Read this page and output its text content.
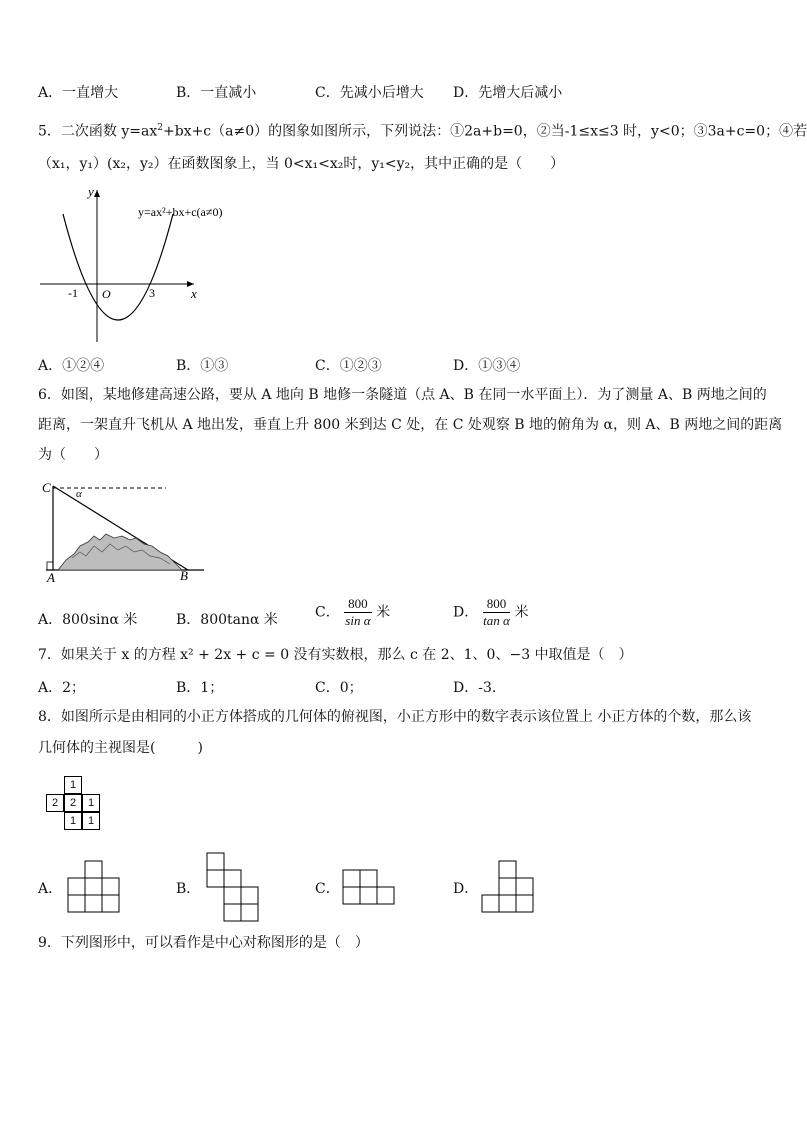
A．一直增大	B．一直减小	C．先减小后增大 D．先增大后减小
5．二次函数 $y=ax^2+bx+c(a\ne 0)$的图象如图所示，下列说法：①2a+b=0，②当-1≤x≤3 时，y<0；③3a+c=0；④若
（x₁，y₁）(x₂，y₂）在函数图象上，当 0<x₁<x₂时，y₁<y₂，其中正确的是（　　）
y
x
-1 O	3
y=ax²+bx+c(a≠0)
A．①②④	B．①③	C．①②③	D．①③④
6．如图，某地修建高速公路，要从 A 地向 B 地修一条隧道（点 A、B 在同一水平面上）．为了测量 A、B 两地之间的
距离，一架直升飞机从 A 地出发，垂直上升 800 米到达 C 处，在 C 处观察 B 地的俯角为 α，则 A、B 两地之间的距离
为（　　）
C α
A	B
A．800sinα 米	B．800tanα 米	C． $\frac{800}{\text{sin α}}$ 米	D． $\frac{800}{\text{tan α}}$ 米
7．如果关于 x 的方程 x² + 2x + c = 0 没有实数根，那么 c 在 2、1、0、−3 中取值是（　）
A．2；	B．1；	C．0；	D．-3．
8．如图所示是由相同的小正方体搭成的几何体的俯视图，小正方形中的数字表示该位置上 小正方体的个数，那么该
几何体的主视图是(　　　)
1
2	2	1
1	1
A．	B．	C．	D．
9．下列图形中，可以看作是中心对称图形的是（　）
